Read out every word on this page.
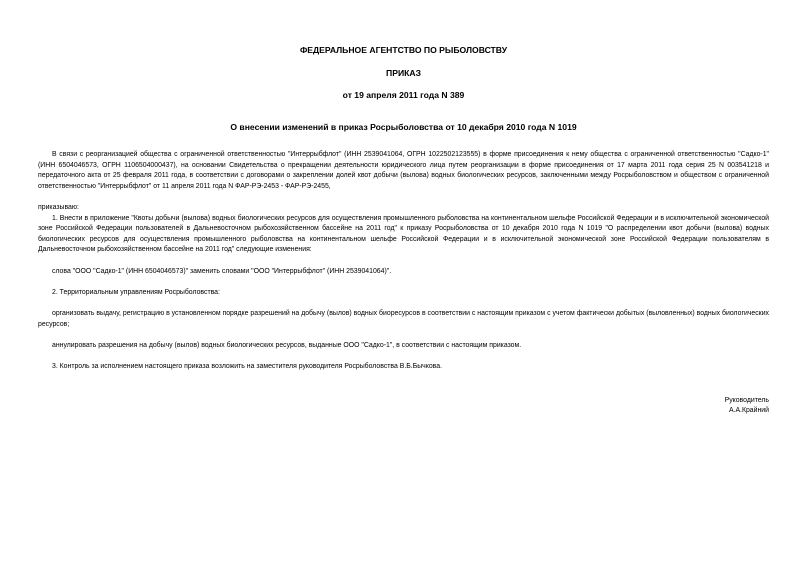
ФЕДЕРАЛЬНОЕ АГЕНТСТВО ПО РЫБОЛОВСТВУ
ПРИКАЗ
от 19 апреля 2011 года N 389
О внесении изменений в приказ Росрыболовства от 10 декабря 2010 года N 1019

В связи с реорганизацией общества с ограниченной ответственностью "Интеррыбфлот" (ИНН 2539041064, ОГРН 1022502123555) в форме присоединения к нему общества с ограниченной ответственностью "Садко-1" (ИНН 6504046573, ОГРН 1106504000437), на основании Свидетельства о прекращении деятельности юридического лица путем реорганизации в форме присоединения от 17 марта 2011 года серия 25 N 003541218 и передаточного акта от 25 февраля 2011 года, в соответствии с договорами о закреплении долей квот добычи (вылова) водных биологических ресурсов, заключенными между Росрыболовством и обществом с ограниченной ответственностью "Интеррыбфлот" от 11 апреля 2011 года N ФАР-РЭ-2453 - ФАР-РЭ-2455,

приказываю:

1. Внести в приложение "Квоты добычи (вылова) водных биологических ресурсов для осуществления промышленного рыболовства на континентальном шельфе Российской Федерации и в исключительной экономической зоне Российской Федерации пользователей в Дальневосточном рыбохозяйственном бассейне на 2011 год" к приказу Росрыболовства от 10 декабря 2010 года N 1019 "О распределении квот добычи (вылова) водных биологических ресурсов для осуществления промышленного рыболовства на континентальном шельфе Российской Федерации и в исключительной экономической зоне Российской Федерации пользователям в Дальневосточном рыбохозяйственном бассейне на 2011 год" следующие изменения:

слова "ООО "Садко-1" (ИНН 6504046573)" заменить словами "ООО "Интеррыбфлот" (ИНН 2539041064)".

2. Территориальным управлениям Росрыболовства:

организовать выдачу, регистрацию в установленном порядке разрешений на добычу (вылов) водных биоресурсов в соответствии с настоящим приказом с учетом фактически добытых (выловленных) водных биологических ресурсов;

аннулировать разрешения на добычу (вылов) водных биологических ресурсов, выданные ООО "Садко-1", в соответствии с настоящим приказом.

3. Контроль за исполнением настоящего приказа возложить на заместителя руководителя Росрыболовства В.Б.Бычкова.

Руководитель
А.А.Крайний
